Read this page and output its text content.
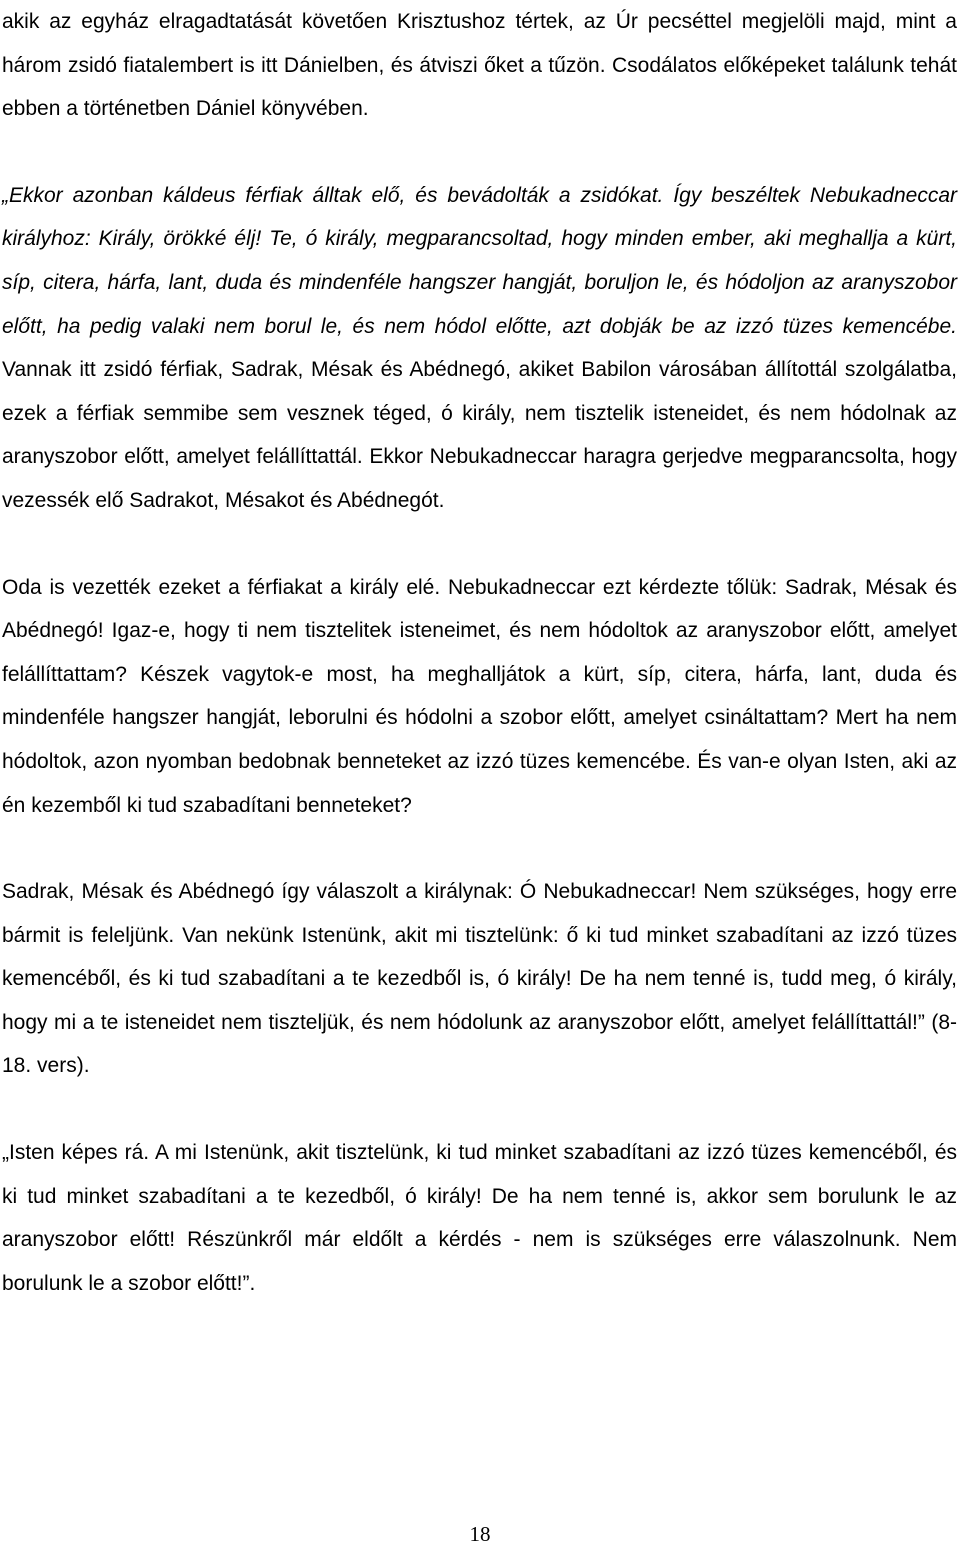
akik az egyház elragadtatását követően Krisztushoz tértek, az Úr pecséttel megjelöli majd, mint a három zsidó fiatalembert is itt Dánielben, és átviszi őket a tűzön. Csodálatos előképeket találunk tehát ebben a történetben Dániel könyvében.

„Ekkor azonban káldeus férfiak álltak elő, és bevádolták a zsidókat. Így beszéltek Nebukadneccar királyhoz: Király, örökké élj! Te, ó király, megparancsoltad, hogy minden ember, aki meghallja a kürt, síp, citera, hárfa, lant, duda és mindenféle hangszer hangját, boruljon le, és hódoljon az aranyszobor előtt, ha pedig valaki nem borul le, és nem hódol előtte, azt dobják be az izzó tüzes kemencébe. Vannak itt zsidó férfiak, Sadrak, Mésak és Abédnegó, akiket Babilon városában állítottál szolgálatba, ezek a férfiak semmibe sem vesznek téged, ó király, nem tisztelik isteneidet, és nem hódolnak az aranyszobor előtt, amelyet felállíttattál. Ekkor Nebukadneccar haragra gerjedve megparancsolta, hogy vezessék elő Sadrakot, Mésakot és Abédnegót.

Oda is vezették ezeket a férfiakat a király elé. Nebukadneccar ezt kérdezte tőlük: Sadrak, Mésak és Abédnegó! Igaz-e, hogy ti nem tisztelitek isteneimet, és nem hódoltok az aranyszobor előtt, amelyet felállíttattam? Készek vagytok-e most, ha meghalljátok a kürt, síp, citera, hárfa, lant, duda és mindenféle hangszer hangját, leborulni és hódolni a szobor előtt, amelyet csináltattam? Mert ha nem hódoltok, azon nyomban bedobnak benneteket az izzó tüzes kemencébe. És van-e olyan Isten, aki az én kezemből ki tud szabadítani benneteket?

Sadrak, Mésak és Abédnegó így válaszolt a királynak: Ó Nebukadneccar! Nem szükséges, hogy erre bármit is feleljünk. Van nekünk Istenünk, akit mi tisztelünk: ő ki tud minket szabadítani az izzó tüzes kemencéből, és ki tud szabadítani a te kezedből is, ó király! De ha nem tenné is, tudd meg, ó király, hogy mi a te isteneidet nem tiszteljük, és nem hódolunk az aranyszobor előtt, amelyet felállíttattál!” (8-18. vers).

„Isten képes rá. A mi Istenünk, akit tisztelünk, ki tud minket szabadítani az izzó tüzes kemencéből, és ki tud minket szabadítani a te kezedből, ó király! De ha nem tenné is, akkor sem borulunk le az aranyszobor előtt! Részünkről már eldőlt a kérdés - nem is szükséges erre válaszolnunk. Nem borulunk le a szobor előtt!”.

18
